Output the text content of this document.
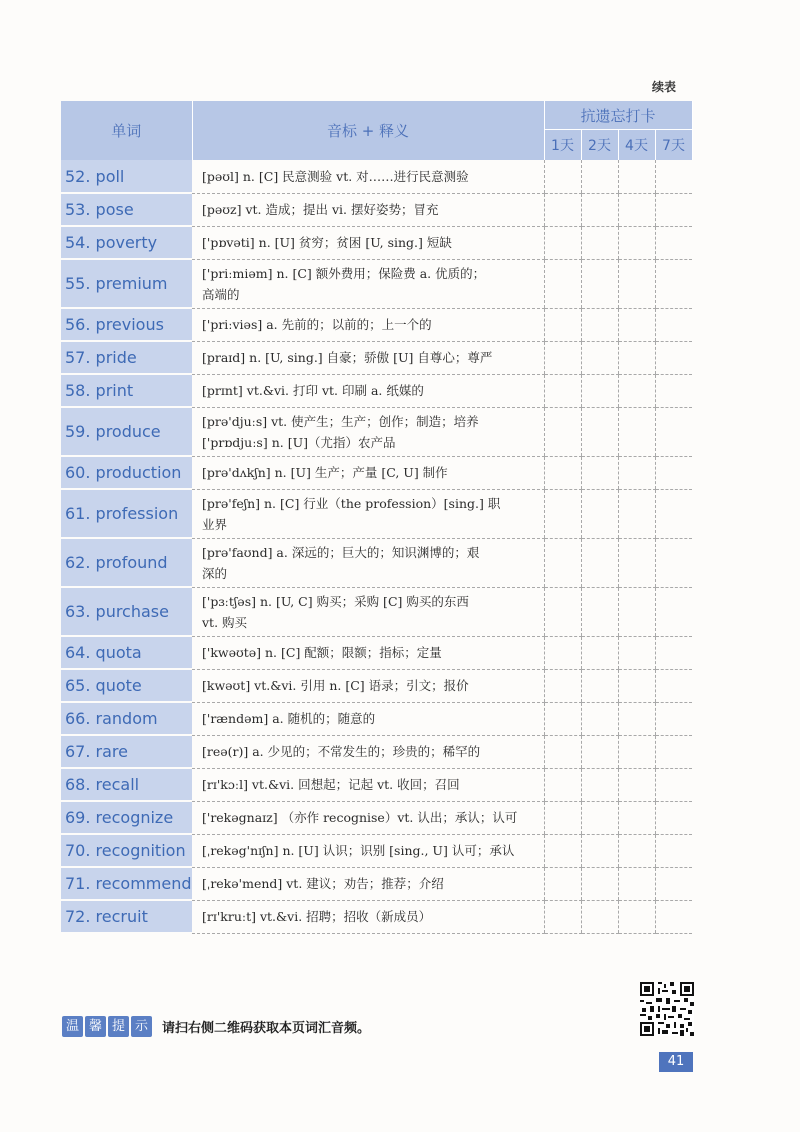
续表
单词	音标 + 释义	抗遗忘打卡			
		1天	2天	4天	7天
52. poll	[pəʊl] n. [C] 民意测验 vt. 对……进行民意测验				

53. pose	[pəʊz] vt. 造成；提出 vi. 摆好姿势；冒充				

54. poverty	['pɒvəti] n. [U] 贫穷；贫困 [U, sing.] 短缺				

55. premium	['priːmiəm] n. [C] 额外费用；保险费 a. 优质的；
高端的				

56. previous	['priːviəs] a. 先前的；以前的；上一个的				

57. pride	[praɪd] n. [U, sing.] 自豪；骄傲 [U] 自尊心；尊严				

58. print	[prɪnt] vt.&vi. 打印 vt. 印刷 a. 纸媒的				

59. produce	[prə'djuːs] vt. 使产生；生产；创作；制造；培养
['prɒdjuːs] n. [U]（尤指）农产品				

60. production	[prə'dʌkʃn] n. [U] 生产；产量 [C, U] 制作				

61. profession	[prə'feʃn] n. [C] 行业（the profession）[sing.] 职
业界				

62. profound	[prə'faʊnd] a. 深远的；巨大的；知识渊博的；艰
深的				

63. purchase	['pɜːtʃəs] n. [U, C] 购买；采购 [C] 购买的东西
vt. 购买				

64. quota	['kwəʊtə] n. [C] 配额；限额；指标；定量				

65. quote	[kwəʊt] vt.&vi. 引用 n. [C] 语录；引文；报价				

66. random	['rændəm] a. 随机的；随意的				

67. rare	[reə(r)] a. 少见的；不常发生的；珍贵的；稀罕的				

68. recall	[rɪ'kɔːl] vt.&vi. 回想起；记起 vt. 收回；召回				

69. recognize	['rekəgnaɪz] （亦作 recognise）vt. 认出；承认；认可				

70. recognition	[ˌrekəg'nɪʃn] n. [U] 认识；识别 [sing., U] 认可；承认				

71. recommend	[ˌrekə'mend] vt. 建议；劝告；推荐；介绍				

72. recruit	[rɪ'kruːt] vt.&vi. 招聘；招收（新成员）				

温 馨 提 示	请扫右侧二维码获取本页词汇音频。
41
